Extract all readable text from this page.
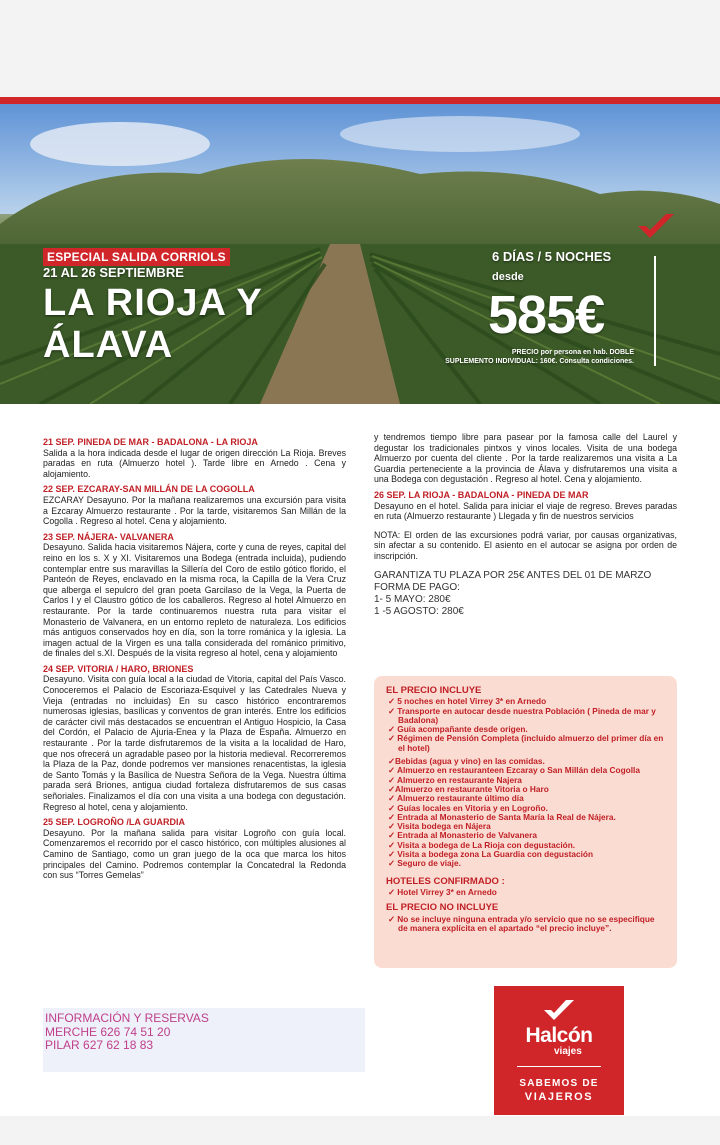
ESPECIAL SALIDA CORRIOLS
21 AL 26 SEPTIEMBRE
LA RIOJA Y
ÁLAVA
6 DÍAS / 5 NOCHES
desde
585€
PRECIO por persona en hab. DOBLE
SUPLEMENTO INDIVIDUAL: 160€. Consulta condiciones.
21 SEP. PINEDA DE MAR - BADALONA - LA RIOJA

Salida a la hora indicada desde el lugar de origen dirección La Rioja. Breves paradas en ruta (Almuerzo hotel ). Tarde libre en Arnedo . Cena y alojamiento.

22 SEP. EZCARAY-SAN MILLÁN DE LA COGOLLA

EZCARAY Desayuno. Por la mañana realizaremos una excursión para visita a Ezcaray Almuerzo restaurante . Por la tarde, visitaremos San Millán de la Cogolla . Regreso al hotel. Cena y alojamiento.

23 SEP. NÁJERA- VALVANERA

Desayuno. Salida hacia visitaremos Nájera, corte y cuna de reyes, capital del reino en los s. X y XI. Visitaremos una Bodega (entrada incluida), pudiendo contemplar entre sus maravillas la Sillería del Coro de estilo gótico florido, el Panteón de Reyes, enclavado en la misma roca, la Capilla de la Vera Cruz que alberga el sepulcro del gran poeta Garcilaso de la Vega, la Puerta de Carlos I y el Claustro gótico de los caballeros. Regreso al hotel Almuerzo en restaurante. Por la tarde continuaremos nuestra ruta para visitar el Monasterio de Valvanera, en un entorno repleto de naturaleza. Los edificios más antiguos conservados hoy en día, son la torre románica y la iglesia. La imagen actual de la Virgen es una talla considerada del románico primitivo, de finales del s.XI. Después de la visita regreso al hotel, cena y alojamiento

24 SEP. VITORIA / HARO, BRIONES

Desayuno. Visita con guía local a la ciudad de Vitoria, capital del País Vasco. Conoceremos el Palacio de Escoriaza-Esquivel y las Catedrales Nueva y Vieja (entradas no incluidas) En su casco histórico encontraremos numerosas iglesias, basílicas y conventos de gran interés. Entre los edificios de carácter civil más destacados se encuentran el Antiguo Hospicio, la Casa del Cordón, el Palacio de Ajuria-Enea y la Plaza de España. Almuerzo en restaurante . Por la tarde disfrutaremos de la visita a la localidad de Haro, que nos ofrecerá un agradable paseo por la historia medieval. Recorreremos la Plaza de la Paz, donde podremos ver mansiones renacentistas, la iglesia de Santo Tomás y la Basílica de Nuestra Señora de la Vega. Nuestra última parada será Briones, antigua ciudad fortaleza disfrutaremos de sus casas señoriales. Finalizamos el día con una visita a una bodega con degustación. Regreso al hotel, cena y alojamiento.

25 SEP. LOGROÑO /LA GUARDIA

Desayuno. Por la mañana salida para visitar Logroño con guía local. Comenzaremos el recorrido por el casco histórico, con múltiples alusiones al Camino de Santiago, como un gran juego de la oca que marca los hitos principales del Camino. Podremos contemplar la Concatedral la Redonda con sus “Torres Gemelas”

y tendremos tiempo libre para pasear por la famosa calle del Laurel y degustar los tradicionales pintxos y vinos locales. Visita de una bodega Almuerzo por cuenta del cliente . Por la tarde realizaremos una visita a La Guardia perteneciente a la provincia de Álava y disfrutaremos una visita a una Bodega con degustación . Regreso al hotel. Cena y alojamiento.

26 SEP. LA RIOJA - BADALONA - PINEDA DE MAR

Desayuno en el hotel. Salida para iniciar el viaje de regreso. Breves paradas en ruta (Almuerzo restaurante ) Llegada y fin de nuestros servicios

NOTA: El orden de las excursiones podrá variar, por causas organizativas, sin afectar a su contenido. El asiento en el autocar se asigna por orden de inscripción.

GARANTIZA TU PLAZA POR 25€ ANTES DEL 01 DE MARZO
FORMA DE PAGO:
1- 5 MAYO: 280€
1 -5 AGOSTO: 280€
EL PRECIO INCLUYE
✓ 5 noches en hotel Virrey 3* en Arnedo
✓ Transporte en autocar desde nuestra Población ( Pineda de mar y Badalona)
✓ Guía acompañante desde origen.
✓ Régimen de Pensión Completa (incluido almuerzo del primer día en el hotel)
✓Bebidas (agua y vino) en las comidas.
✓ Almuerzo en restauranteen Ezcaray o San Millán dela Cogolla
✓ Almuerzo en restaurante Najera
✓Almuerzo en restaurante Vitoria o Haro
✓ Almuerzo restaurante último día
✓ Guías locales en Vitoria y en Logroño.
✓ Entrada al Monasterio de Santa María la Real de Nájera.
✓ Visita bodega en Nájera
✓ Entrada al Monasterio de Valvanera
✓ Visita a bodega de La Rioja con degustación.
✓ Visita a bodega zona La Guardia con degustación
✓ Seguro de viaje.
HOTELES CONFIRMADO :
✓ Hotel Virrey 3* en Arnedo
EL PRECIO NO INCLUYE
✓ No se incluye ninguna entrada y/o servicio que no se especifique de manera explícita en el apartado “el precio incluye”.
INFORMACIÓN Y RESERVAS
MERCHE 626 74 51 20
PILAR 627 62 18 83	Halcón
viajes
SABEMOS DE
VIAJEROS
